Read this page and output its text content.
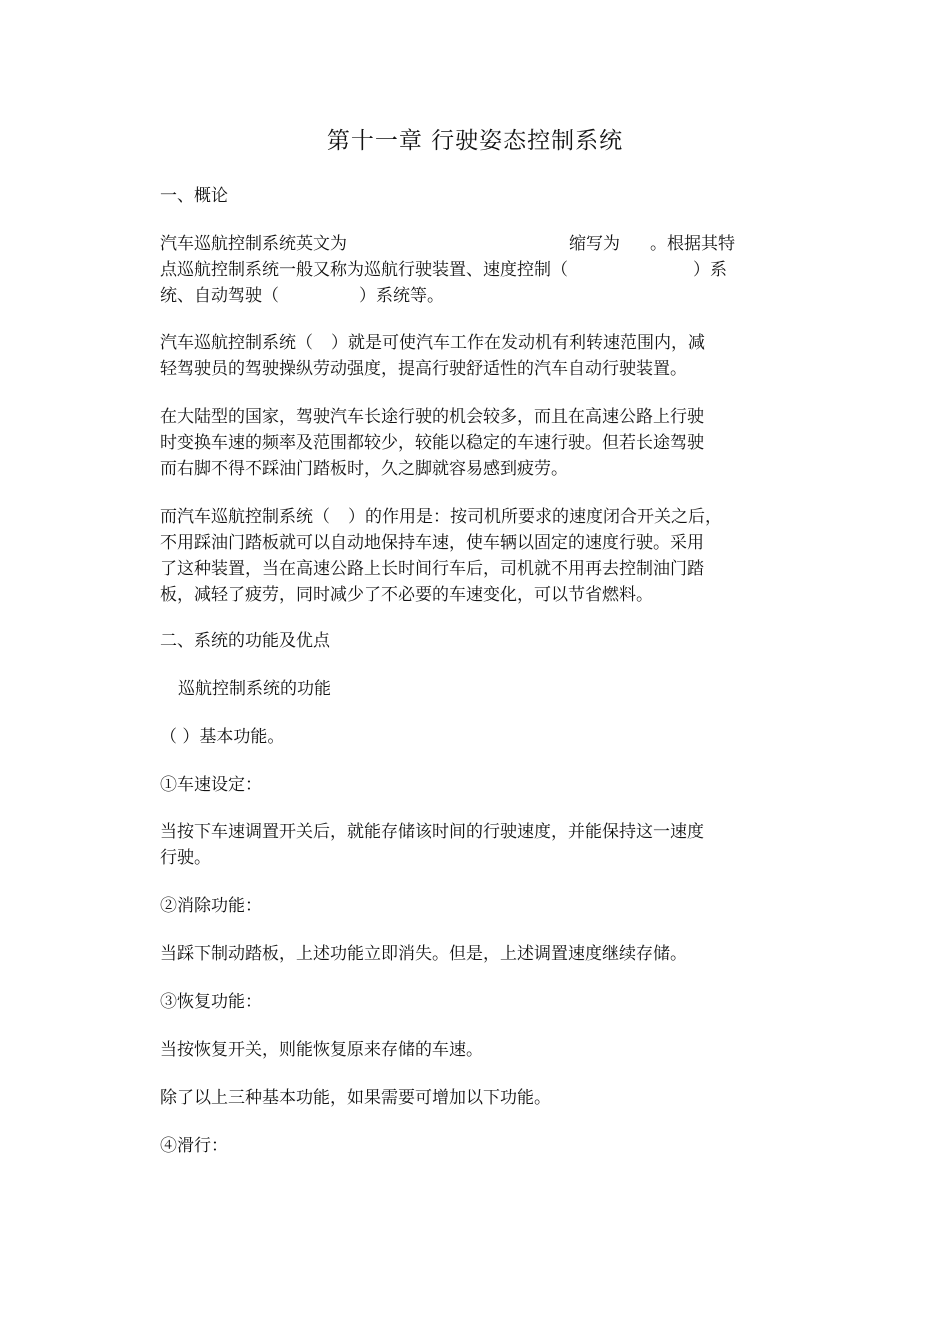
第十一章 行驶姿态控制系统
一、概论
汽车巡航控制系统英文为	缩写为 。根据其特
点巡航控制系统一般又称为巡航行驶装置、速度控制（	）系
统、自动驾驶（	）系统等。
汽车巡航控制系统（ ）就是可使汽车工作在发动机有利转速范围内，减
轻驾驶员的驾驶操纵劳动强度，提高行驶舒适性的汽车自动行驶装置。
在大陆型的国家，驾驶汽车长途行驶的机会较多，而且在高速公路上行驶
时变换车速的频率及范围都较少，较能以稳定的车速行驶。但若长途驾驶
而右脚不得不踩油门踏板时，久之脚就容易感到疲劳。
而汽车巡航控制系统（ ）的作用是：按司机所要求的速度闭合开关之后，
不用踩油门踏板就可以自动地保持车速，使车辆以固定的速度行驶。采用
了这种装置，当在高速公路上长时间行车后，司机就不用再去控制油门踏
板，减轻了疲劳，同时减少了不必要的车速变化，可以节省燃料。
二、系统的功能及优点
巡航控制系统的功能
（ ）基本功能。
①车速设定：
当按下车速调置开关后，就能存储该时间的行驶速度，并能保持这一速度
行驶。
②消除功能：
当踩下制动踏板，上述功能立即消失。但是，上述调置速度继续存储。
③恢复功能：
当按恢复开关，则能恢复原来存储的车速。
除了以上三种基本功能，如果需要可增加以下功能。
④滑行：
